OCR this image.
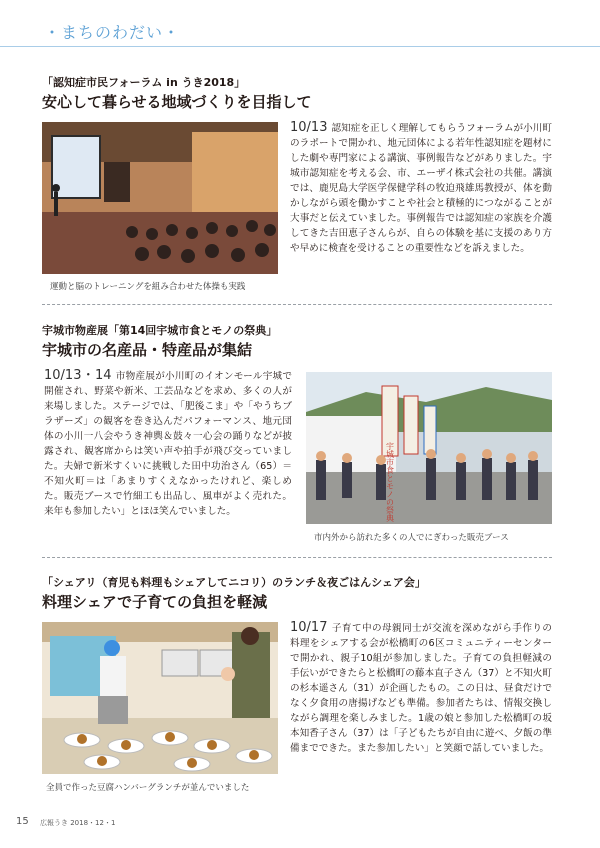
・まちのわだい・
「認知症市民フォーラム in うき2018」
安心して暮らせる地域づくりを目指して
運動と脳のトレーニングを組み合わせた体操も実践
10/13 認知症を正しく理解してもらうフォーラムが小川町のラポートで開かれ、地元団体による若年性認知症を題材にした劇や専門家による講演、事例報告などがありました。宇城市認知症を考える会、市、エーザイ株式会社の共催。講演では、鹿児島大学医学保健学科の牧迫飛雄馬教授が、体を動かしながら頭を働かすことや社会と積極的につながることが大事だと伝えていました。事例報告では認知症の家族を介護してきた吉田恵子さんらが、自らの体験を基に支援のあり方や早めに検査を受けることの重要性などを訴えました。
宇城市物産展「第14回宇城市食とモノの祭典」
宇城市の名産品・特産品が集結
10/13・14 市物産展が小川町のイオンモール宇城で開催され、野菜や新米、工芸品などを求め、多くの人が来場しました。ステージでは、「肥後こま」や「やうちブラザーズ」の観客を巻き込んだパフォーマンス、地元団体の小川一八会やうき神輿＆鼓々一心会の踊りなどが披露され、観客席からは笑い声や拍手が飛び交っていました。夫婦で新米すくいに挑戦した田中功治さん（65）＝不知火町＝は「あまりすくえなかったけれど、楽しめた。販売ブースで竹細工も出品し、風車がよく売れた。来年も参加したい」とほほ笑んでいました。	宇城市食とモノの祭典
市内外から訪れた多くの人でにぎわった販売ブース
「シェアリ（育児も料理もシェアしてニコリ）のランチ＆夜ごはんシェア会」
料理シェアで子育ての負担を軽減
全員で作った豆腐ハンバーグランチが並んでいました
10/17 子育て中の母親同士が交流を深めながら手作りの料理をシェアする会が松橋町の6区コミュニティーセンターで開かれ、親子10組が参加しました。子育ての負担軽減の手伝いができたらと松橋町の藤本直子さん（37）と不知火町の杉本遥さん（31）が企画したもの。この日は、昼食だけでなく夕食用の唐揚げなども準備。参加者たちは、情報交換しながら調理を楽しみました。1歳の娘と参加した松橋町の坂本知香子さん（37）は「子どもたちが自由に遊べ、夕飯の準備までできた。また参加したい」と笑顔で話していました。
15 広報うき 2018・12・1
